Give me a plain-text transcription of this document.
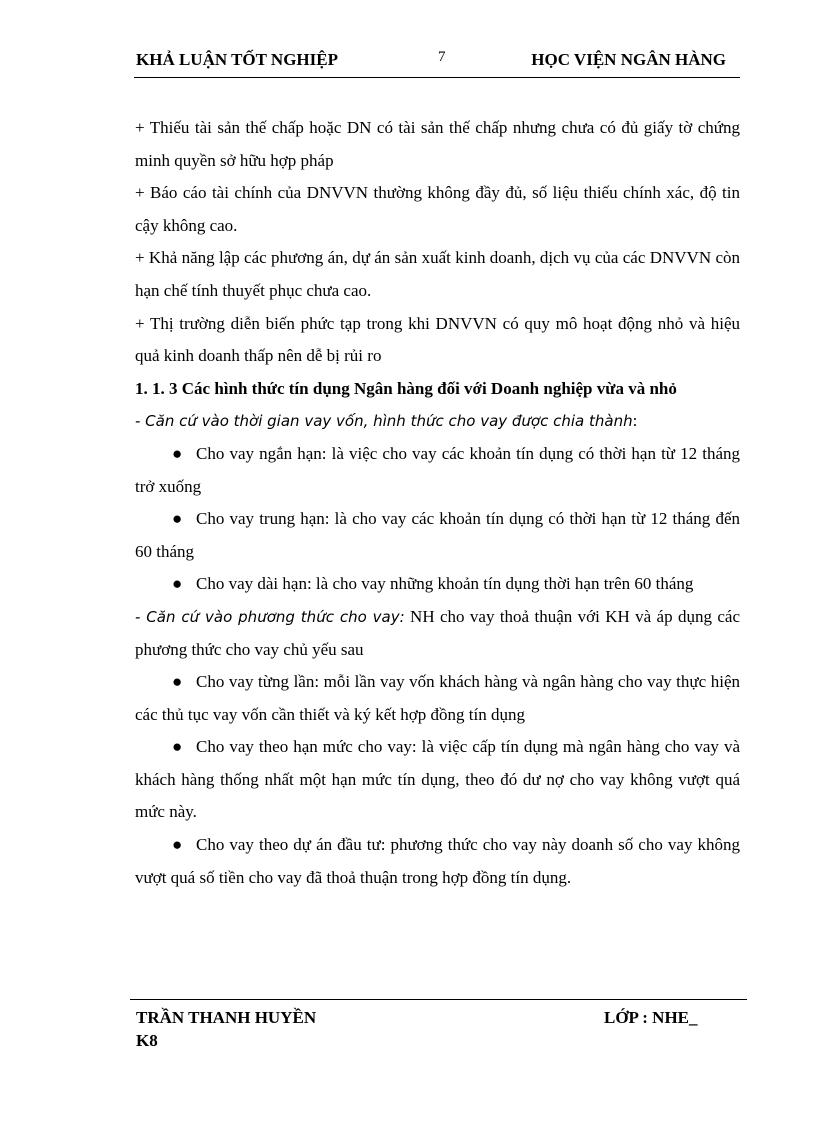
KHẢ LUẬN TỐT NGHIỆP	7	HỌC VIỆN NGÂN HÀNG

+ Thiếu tài sản thế chấp hoặc DN có tài sản thế chấp nhưng chưa có đủ giấy tờ chứng minh quyền sở hữu hợp pháp

+ Báo cáo tài chính của DNVVN thường không đầy đủ, số liệu thiếu chính xác, độ tin cậy không cao.

+ Khả năng lập các phương án, dự án sản xuất kinh doanh, dịch vụ của các DNVVN còn hạn chế tính thuyết phục chưa cao.

+ Thị trường diễn biến phức tạp trong khi DNVVN có quy mô hoạt động nhỏ và hiệu quả kinh doanh thấp nên dễ bị rủi ro

1. 1. 3 Các hình thức tín dụng Ngân hàng đối với Doanh nghiệp vừa và nhỏ

- Căn cứ vào thời gian vay vốn, hình thức cho vay được chia thành:

● Cho vay ngắn hạn: là việc cho vay các khoản tín dụng có thời hạn từ 12 tháng trở xuống

● Cho vay trung hạn: là cho vay các khoản tín dụng có thời hạn từ 12 tháng đến 60 tháng

● Cho vay dài hạn: là cho vay những khoản tín dụng thời hạn trên 60 tháng

- Căn cứ vào phương thức cho vay: NH cho vay thoả thuận với KH và áp dụng các phương thức cho vay chủ yếu sau

● Cho vay từng lần: mỗi lần vay vốn khách hàng và ngân hàng cho vay thực hiện các thủ tục vay vốn cần thiết và ký kết hợp đồng tín dụng

● Cho vay theo hạn mức cho vay: là việc cấp tín dụng mà ngân hàng cho vay và khách hàng thống nhất một hạn mức tín dụng, theo đó dư nợ cho vay không vượt quá mức này.

● Cho vay theo dự án đầu tư: phương thức cho vay này doanh số cho vay không vượt quá số tiền cho vay đã thoả thuận trong hợp đồng tín dụng.

TRẦN THANH HUYỀN	LỚP : NHE_
K8
